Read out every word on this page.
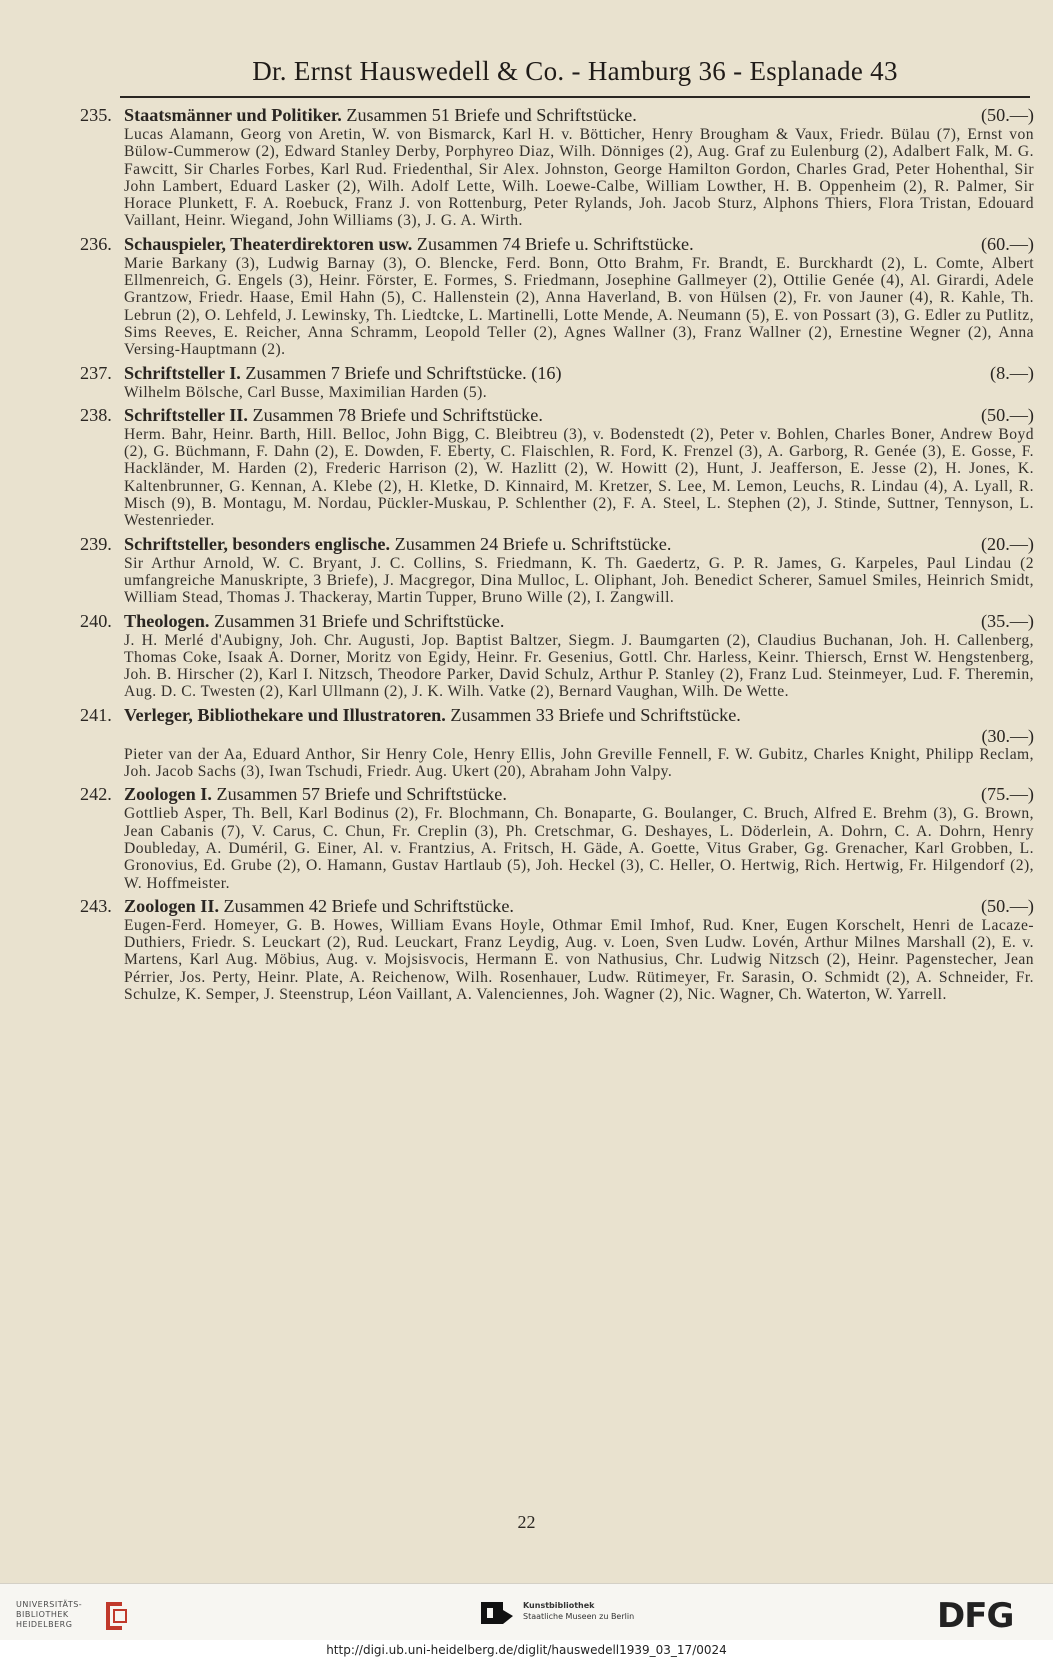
Dr. Ernst Hauswedell & Co. - Hamburg 36 - Esplanade 43
235. Staatsmänner und Politiker. Zusammen 51 Briefe und Schriftstücke.	(50.—)
Lucas Alamann, Georg von Aretin, W. von Bismarck, Karl H. v. Bötticher, Henry Brougham & Vaux, Friedr. Bülau (7), Ernst von Bülow-Cummerow (2), Edward Stanley Derby, Porphyreo Diaz, Wilh. Dönniges (2), Aug. Graf zu Eulenburg (2), Adalbert Falk, M. G. Fawcitt, Sir Charles Forbes, Karl Rud. Friedenthal, Sir Alex. Johnston, George Hamilton Gordon, Charles Grad, Peter Hohenthal, Sir John Lambert, Eduard Lasker (2), Wilh. Adolf Lette, Wilh. Loewe-Calbe, William Lowther, H. B. Oppenheim (2), R. Palmer, Sir Horace Plunkett, F. A. Roebuck, Franz J. von Rottenburg, Peter Rylands, Joh. Jacob Sturz, Alphons Thiers, Flora Tristan, Edouard Vaillant, Heinr. Wiegand, John Williams (3), J. G. A. Wirth.
236. Schauspieler, Theaterdirektoren usw. Zusammen 74 Briefe u. Schriftstücke.	(60.—)
Marie Barkany (3), Ludwig Barnay (3), O. Blencke, Ferd. Bonn, Otto Brahm, Fr. Brandt, E. Burckhardt (2), L. Comte, Albert Ellmenreich, G. Engels (3), Heinr. Förster, E. Formes, S. Friedmann, Josephine Gallmeyer (2), Ottilie Genée (4), Al. Girardi, Adele Grantzow, Friedr. Haase, Emil Hahn (5), C. Hallenstein (2), Anna Haverland, B. von Hülsen (2), Fr. von Jauner (4), R. Kahle, Th. Lebrun (2), O. Lehfeld, J. Lewinsky, Th. Liedtcke, L. Martinelli, Lotte Mende, A. Neumann (5), E. von Possart (3), G. Edler zu Putlitz, Sims Reeves, E. Reicher, Anna Schramm, Leopold Teller (2), Agnes Wallner (3), Franz Wallner (2), Ernestine Wegner (2), Anna Versing-Hauptmann (2).
237. Schriftsteller I. Zusammen 7 Briefe und Schriftstücke. (16)	(8.—)
Wilhelm Bölsche, Carl Busse, Maximilian Harden (5).
238. Schriftsteller II. Zusammen 78 Briefe und Schriftstücke.	(50.—)
Herm. Bahr, Heinr. Barth, Hill. Belloc, John Bigg, C. Bleibtreu (3), v. Bodenstedt (2), Peter v. Bohlen, Charles Boner, Andrew Boyd (2), G. Büchmann, F. Dahn (2), E. Dowden, F. Eberty, C. Flaischlen, R. Ford, K. Frenzel (3), A. Garborg, R. Genée (3), E. Gosse, F. Hackländer, M. Harden (2), Frederic Harrison (2), W. Hazlitt (2), W. Howitt (2), Hunt, J. Jeafferson, E. Jesse (2), H. Jones, K. Kaltenbrunner, G. Kennan, A. Klebe (2), H. Kletke, D. Kinnaird, M. Kretzer, S. Lee, M. Lemon, Leuchs, R. Lindau (4), A. Lyall, R. Misch (9), B. Montagu, M. Nordau, Pückler-Muskau, P. Schlenther (2), F. A. Steel, L. Stephen (2), J. Stinde, Suttner, Tennyson, L. Westenrieder.
239. Schriftsteller, besonders englische. Zusammen 24 Briefe u. Schriftstücke.	(20.—)
Sir Arthur Arnold, W. C. Bryant, J. C. Collins, S. Friedmann, K. Th. Gaedertz, G. P. R. James, G. Karpeles, Paul Lindau (2 umfangreiche Manuskripte, 3 Briefe), J. Macgregor, Dina Mulloc, L. Oliphant, Joh. Benedict Scherer, Samuel Smiles, Heinrich Smidt, William Stead, Thomas J. Thackeray, Martin Tupper, Bruno Wille (2), I. Zangwill.
240. Theologen. Zusammen 31 Briefe und Schriftstücke.	(35.—)
J. H. Merlé d'Aubigny, Joh. Chr. Augusti, Jop. Baptist Baltzer, Siegm. J. Baumgarten (2), Claudius Buchanan, Joh. H. Callenberg, Thomas Coke, Isaak A. Dorner, Moritz von Egidy, Heinr. Fr. Gesenius, Gottl. Chr. Harless, Keinr. Thiersch, Ernst W. Hengstenberg, Joh. B. Hirscher (2), Karl I. Nitzsch, Theodore Parker, David Schulz, Arthur P. Stanley (2), Franz Lud. Steinmeyer, Lud. F. Theremin, Aug. D. C. Twesten (2), Karl Ullmann (2), J. K. Wilh. Vatke (2), Bernard Vaughan, Wilh. De Wette.
241. Verleger, Bibliothekare und Illustratoren. Zusammen 33 Briefe und Schriftstücke.
(30.—)
Pieter van der Aa, Eduard Anthor, Sir Henry Cole, Henry Ellis, John Greville Fennell, F. W. Gubitz, Charles Knight, Philipp Reclam, Joh. Jacob Sachs (3), Iwan Tschudi, Friedr. Aug. Ukert (20), Abraham John Valpy.
242. Zoologen I. Zusammen 57 Briefe und Schriftstücke.	(75.—)
Gottlieb Asper, Th. Bell, Karl Bodinus (2), Fr. Blochmann, Ch. Bonaparte, G. Boulanger, C. Bruch, Alfred E. Brehm (3), G. Brown, Jean Cabanis (7), V. Carus, C. Chun, Fr. Creplin (3), Ph. Cretschmar, G. Deshayes, L. Döderlein, A. Dohrn, C. A. Dohrn, Henry Doubleday, A. Duméril, G. Einer, Al. v. Frantzius, A. Fritsch, H. Gäde, A. Goette, Vitus Graber, Gg. Grenacher, Karl Grobben, L. Gronovius, Ed. Grube (2), O. Hamann, Gustav Hartlaub (5), Joh. Heckel (3), C. Heller, O. Hertwig, Rich. Hertwig, Fr. Hilgendorf (2), W. Hoffmeister.
243. Zoologen II. Zusammen 42 Briefe und Schriftstücke.	(50.—)
Eugen-Ferd. Homeyer, G. B. Howes, William Evans Hoyle, Othmar Emil Imhof, Rud. Kner, Eugen Korschelt, Henri de Lacaze-Duthiers, Friedr. S. Leuckart (2), Rud. Leuckart, Franz Leydig, Aug. v. Loen, Sven Ludw. Lovén, Arthur Milnes Marshall (2), E. v. Martens, Karl Aug. Möbius, Aug. v. Mojsisvocis, Hermann E. von Nathusius, Chr. Ludwig Nitzsch (2), Heinr. Pagenstecher, Jean Pérrier, Jos. Perty, Heinr. Plate, A. Reichenow, Wilh. Rosenhauer, Ludw. Rütimeyer, Fr. Sarasin, O. Schmidt (2), A. Schneider, Fr. Schulze, K. Semper, J. Steenstrup, Léon Vaillant, A. Valenciennes, Joh. Wagner (2), Nic. Wagner, Ch. Waterton, W. Yarrell.
22
UNIVERSITÄTS-
BIBLIOTHEK
HEIDELBERG
Kunstbibliothek
Staatliche Museen zu Berlin	DFG
http://digi.ub.uni-heidelberg.de/diglit/hauswedell1939_03_17/0024
